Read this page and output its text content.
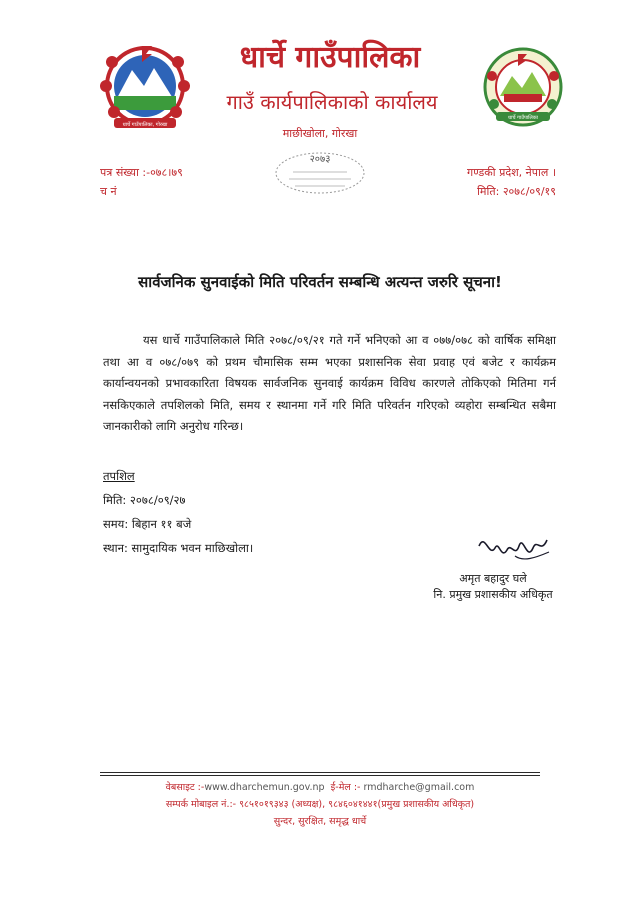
धार्चे गाउँपालिका, गोरखा
धार्चे गाउँपालिका
धार्चे गाउँपालिका
गाउँ कार्यपालिकाको कार्यालय
माछीखोला, गोरखा
२०७३
पत्र संख्या :-०७८।७९
च नं
गण्डकी प्रदेश, नेपाल ।
मिति: २०७८/०९/१९
सार्वजनिक सुनवाईको मिति परिवर्तन सम्बन्धि अत्यन्त जरुरि सूचना!
यस धार्चे गाउँपालिकाले मिति २०७८/०९/२१ गते गर्ने भनिएको आ व ०७७/०७८ को वार्षिक समिक्षा तथा आ व ०७८/०७९ को प्रथम चौमासिक सम्म भएका प्रशासनिक सेवा प्रवाह एवं बजेट र कार्यक्रम कार्यान्वयनको प्रभावकारिता विषयक सार्वजनिक सुनवाई कार्यक्रम विविध कारणले तोकिएको मितिमा गर्न नसकिएकाले तपशिलको मिति, समय र स्थानमा गर्ने गरि मिति परिवर्तन गरिएको व्यहोरा सम्बन्धित सबैमा जानकारीको लागि अनुरोध गरिन्छ।
तपशिल
मिति: २०७८/०९/२७
समय: बिहान ११ बजे
स्थान: सामुदायिक भवन माछिखोला।
अमृत बहादुर घले
नि. प्रमुख प्रशासकीय अधिकृत
वेबसाइट :-www.dharchemun.gov.np ई-मेल :- rmdharche@gmail.com
सम्पर्क मोबाइल नं.:- ९८५१०१९३४३ (अध्यक्ष), ९८४६०४१४४१(प्रमुख प्रशासकीय अधिकृत)
सुन्दर, सुरक्षित, समृद्ध धार्चे
